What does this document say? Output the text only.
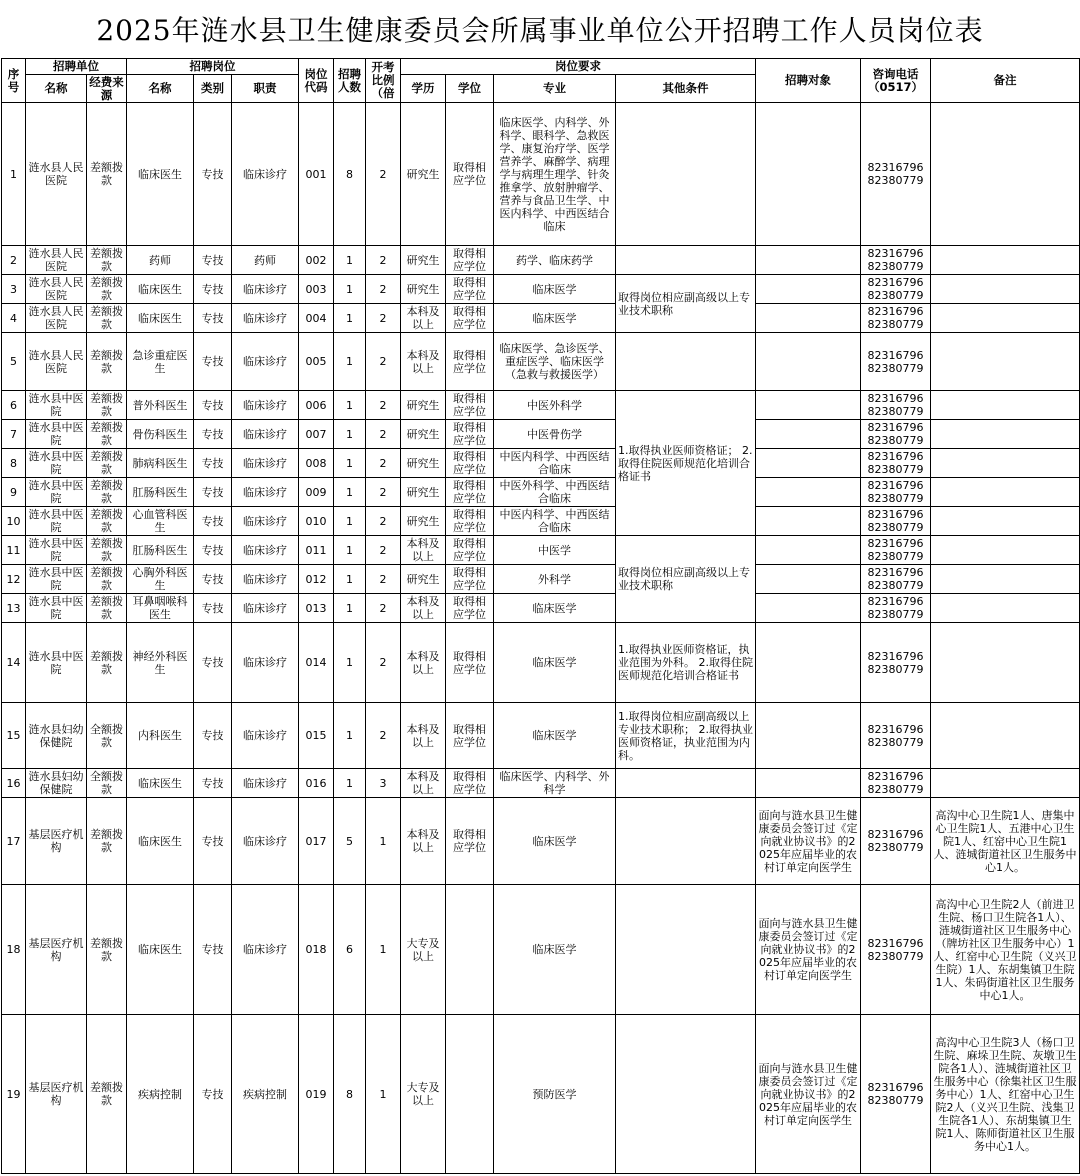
2025年涟水县卫生健康委员会所属事业单位公开招聘工作人员岗位表
序号	招聘单位		招聘岗位			岗位代码	招聘人数	开考比例（倍	岗位要求				招聘对象	咨询电话（0517）	备注
	名称	经费来源	名称	类别	职责				学历	学位	专业	其他条件			
1	涟水县人民医院	差额拨款	临床医生	专技	临床诊疗	001	8	2	研究生	取得相应学位	临床医学、内科学、外科学、眼科学、急救医学、康复治疗学、医学营养学、麻醉学、病理学与病理生理学、针灸推拿学、放射肿瘤学、营养与食品卫生学、中医内科学、中西医结合临床			82316796 82380779	
2	涟水县人民医院	差额拨款	药师	专技	药师	002	1	2	研究生	取得相应学位	药学、临床药学			82316796 82380779	
3	涟水县人民医院	差额拨款	临床医生	专技	临床诊疗	003	1	2	研究生	取得相应学位	临床医学	取得岗位相应副高级以上专业技术职称		82316796 82380779	
4	涟水县人民医院	差额拨款	临床医生	专技	临床诊疗	004	1	2	本科及以上	取得相应学位	临床医学			82316796 82380779	
5	涟水县人民医院	差额拨款	急诊重症医生	专技	临床诊疗	005	1	2	本科及以上	取得相应学位	临床医学、急诊医学、重症医学、临床医学（急救与救援医学）			82316796 82380779	
6	涟水县中医院	差额拨款	普外科医生	专技	临床诊疗	006	1	2	研究生	取得相应学位	中医外科学	1.取得执业医师资格证； 2.取得住院医师规范化培训合格证书		82316796 82380779	
7	涟水县中医院	差额拨款	骨伤科医生	专技	临床诊疗	007	1	2	研究生	取得相应学位	中医骨伤学			82316796 82380779	
8	涟水县中医院	差额拨款	肺病科医生	专技	临床诊疗	008	1	2	研究生	取得相应学位	中医内科学、中西医结合临床			82316796 82380779	
9	涟水县中医院	差额拨款	肛肠科医生	专技	临床诊疗	009	1	2	研究生	取得相应学位	中医外科学、中西医结合临床			82316796 82380779	
10	涟水县中医院	差额拨款	心血管科医生	专技	临床诊疗	010	1	2	研究生	取得相应学位	中医内科学、中西医结合临床			82316796 82380779	
11	涟水县中医院	差额拨款	肛肠科医生	专技	临床诊疗	011	1	2	本科及以上	取得相应学位	中医学	取得岗位相应副高级以上专业技术职称		82316796 82380779	
12	涟水县中医院	差额拨款	心胸外科医生	专技	临床诊疗	012	1	2	研究生	取得相应学位	外科学			82316796 82380779	
13	涟水县中医院	差额拨款	耳鼻咽喉科医生	专技	临床诊疗	013	1	2	本科及以上	取得相应学位	临床医学			82316796 82380779	
14	涟水县中医院	差额拨款	神经外科医生	专技	临床诊疗	014	1	2	本科及以上	取得相应学位	临床医学	1.取得执业医师资格证，执业范围为外科。 2.取得住院医师规范化培训合格证书		82316796 82380779	
15	涟水县妇幼保健院	全额拨款	内科医生	专技	临床诊疗	015	1	2	本科及以上	取得相应学位	临床医学	1.取得岗位相应副高级以上专业技术职称； 2.取得执业医师资格证，执业范围为内科。		82316796 82380779	
16	涟水县妇幼保健院	全额拨款	临床医生	专技	临床诊疗	016	1	3	本科及以上	取得相应学位	临床医学、内科学、外科学			82316796 82380779	
17	基层医疗机构	差额拨款	临床医生	专技	临床诊疗	017	5	1	本科及以上	取得相应学位	临床医学		面向与涟水县卫生健康委员会签订过《定向就业协议书》的2025年应届毕业的农村订单定向医学生	82316796 82380779	高沟中心卫生院1人、唐集中心卫生院1人、五港中心卫生院1人、红窑中心卫生院1人、涟城街道社区卫生服务中心1人。
18	基层医疗机构	差额拨款	临床医生	专技	临床诊疗	018	6	1	大专及以上		临床医学		面向与涟水县卫生健康委员会签订过《定向就业协议书》的2025年应届毕业的农村订单定向医学生	82316796 82380779	高沟中心卫生院2人（前进卫生院、杨口卫生院各1人）、涟城街道社区卫生服务中心（牌坊社区卫生服务中心）1人、红窑中心卫生院（义兴卫生院）1人、东胡集镇卫生院1人、朱码街道社区卫生服务中心1人。
19	基层医疗机构	差额拨款	疾病控制	专技	疾病控制	019	8	1	大专及以上		预防医学		面向与涟水县卫生健康委员会签订过《定向就业协议书》的2025年应届毕业的农村订单定向医学生	82316796 82380779	高沟中心卫生院3人（杨口卫生院、麻垛卫生院、灰墩卫生院各1人）、涟城街道社区卫生服务中心（徐集社区卫生服务中心）1人、红窑中心卫生院2人（义兴卫生院、浅集卫生院各1人）、东胡集镇卫生院1人、陈师街道社区卫生服务中心1人。
